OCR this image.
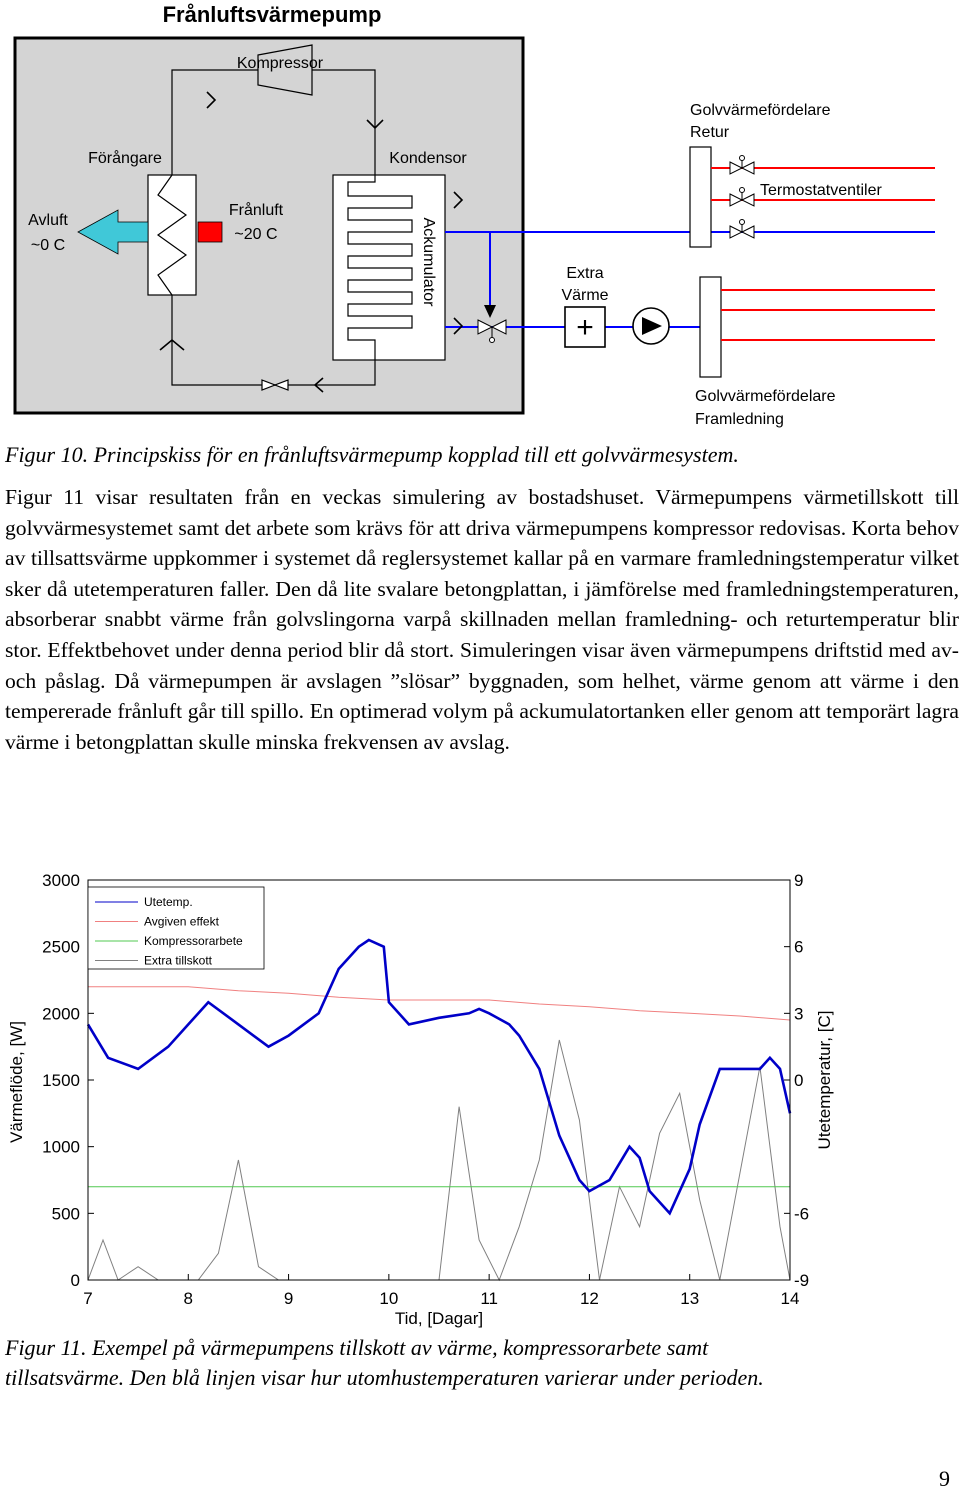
Frånluftsvärmepump
Kompressor
Förångare
Avluft
~0 C
Frånluft
~20 C
Kondensor
Ackumulator	Extra
Värme
+
Golvvärmefördelare
Retur
Termostatventiler
Golvvärmefördelare
Framledning
Figur 10. Principskiss för en frånluftsvärmepump kopplad till ett golvvärmesystem.
Figur 11 visar resultaten från en veckas simulering av bostadshuset. Värmepumpens värmetillskott till golvvärmesystemet samt det arbete som krävs för att driva värmepumpens kompressor redovisas. Korta behov av tillsattsvärme uppkommer i systemet då reglersystemet kallar på en varmare framledningstemperatur vilket sker då utetemperaturen faller. Den då lite svalare betongplattan, i jämförelse med framledningstemperaturen, absorberar snabbt värme från golvslingorna varpå skillnaden mellan framledning- och returtemperatur blir stor. Effektbehovet under denna period blir då stort. Simuleringen visar även värmepumpens driftstid med av- och påslag. Då värmepumpen är avslagen ”slösar” byggnaden, som helhet, värme genom att värme i den tempererade frånluft går till spillo. En optimerad volym på ackumulatortanken eller genom att temporärt lagra värme i betongplattan skulle minska frekvensen av avslag.
0
500
1000
1500
2000
2500
3000
-9
-6
0
3
6
9
7	8	9	10	11	12	13	14
Tid, [Dagar]
Värmeflöde, [W]	Utetemperatur, [C]
Utetemp.
Avgiven effekt
Kompressorarbete
Extra tillskott
Figur 11. Exempel på värmepumpens tillskott av värme, kompressorarbete samt
tillsatsvärme. Den blå linjen visar hur utomhustemperaturen varierar under perioden.
9
